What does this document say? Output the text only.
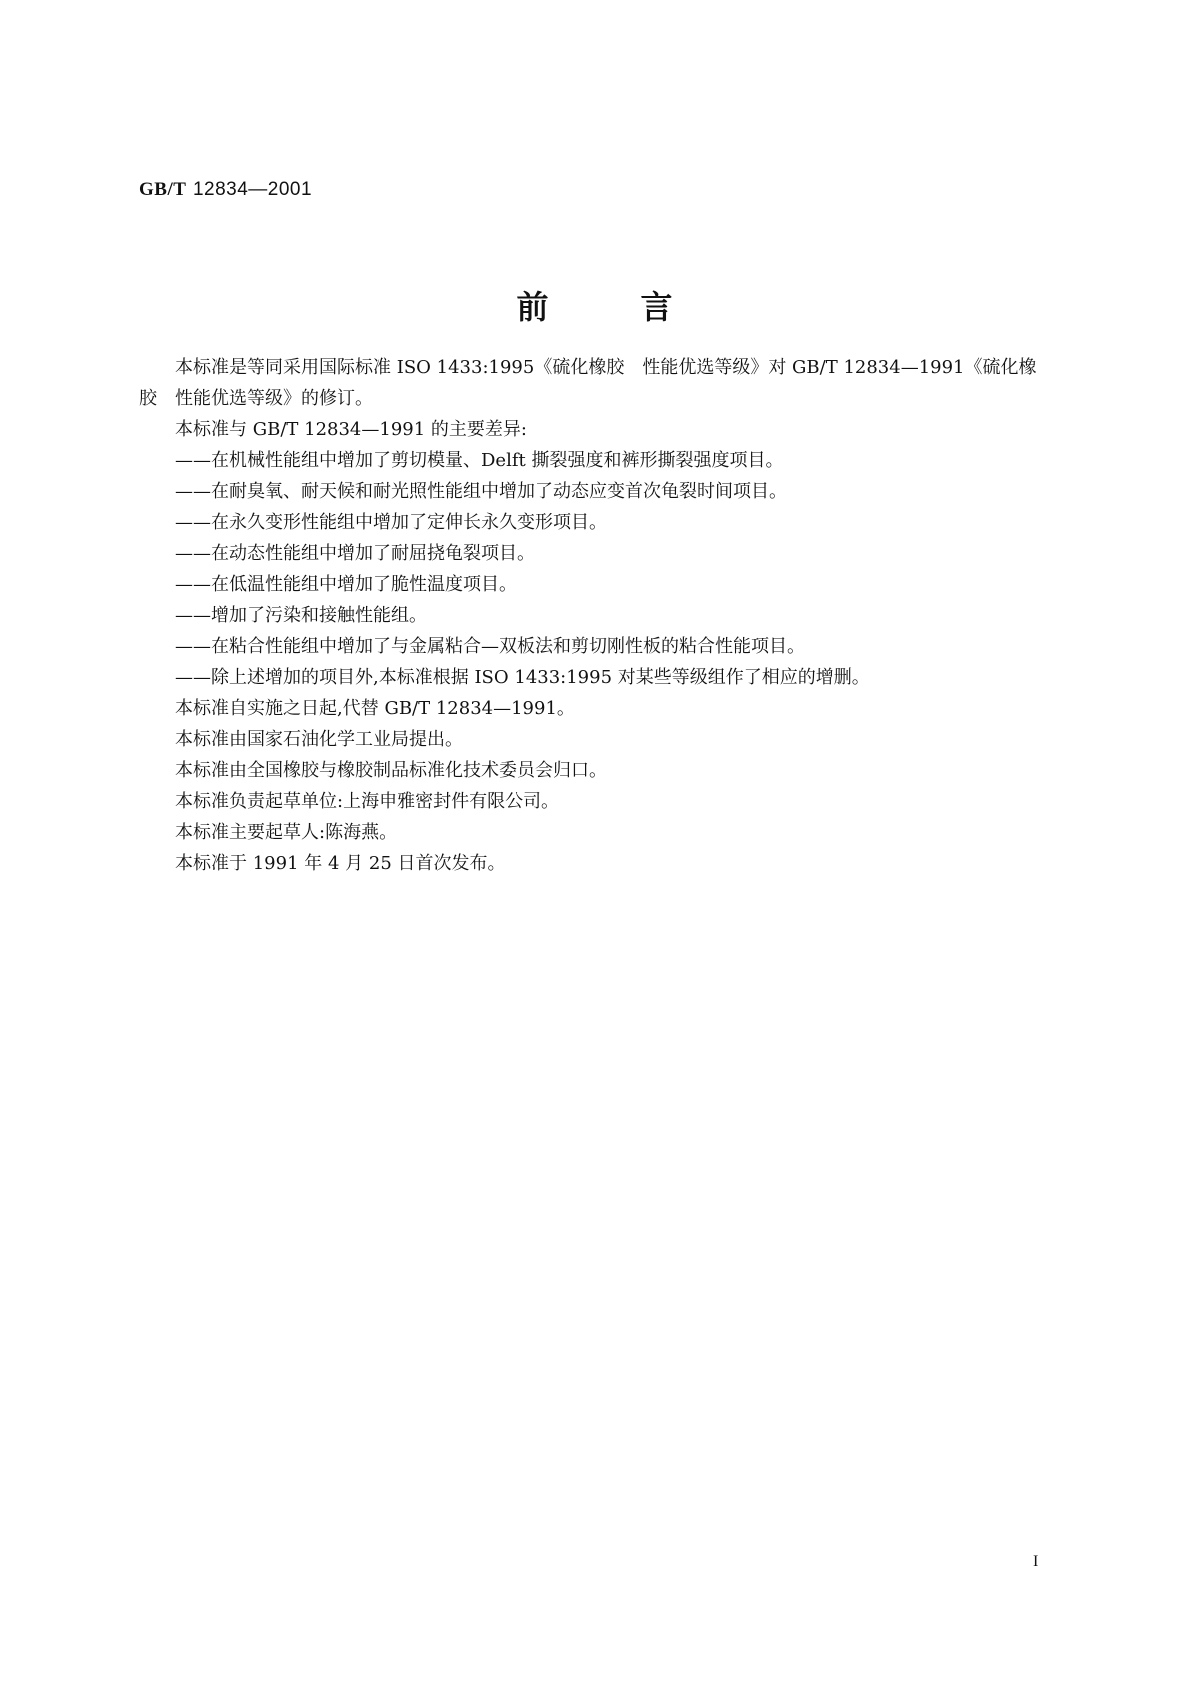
GB/T 12834—2001
前	言

本标准是等同采用国际标准 ISO 1433:1995《硫化橡胶　性能优选等级》对 GB/T 12834—1991《硫化橡胶　性能优选等级》的修订。

本标准与 GB/T 12834—1991 的主要差异:

——在机械性能组中增加了剪切模量、Delft 撕裂强度和裤形撕裂强度项目。

——在耐臭氧、耐天候和耐光照性能组中增加了动态应变首次龟裂时间项目。

——在永久变形性能组中增加了定伸长永久变形项目。

——在动态性能组中增加了耐屈挠龟裂项目。

——在低温性能组中增加了脆性温度项目。

——增加了污染和接触性能组。

——在粘合性能组中增加了与金属粘合—双板法和剪切刚性板的粘合性能项目。

——除上述增加的项目外,本标准根据 ISO 1433:1995 对某些等级组作了相应的增删。

本标准自实施之日起,代替 GB/T 12834—1991。

本标准由国家石油化学工业局提出。

本标准由全国橡胶与橡胶制品标准化技术委员会归口。

本标准负责起草单位:上海申雅密封件有限公司。

本标准主要起草人:陈海燕。

本标准于 1991 年 4 月 25 日首次发布。

I
